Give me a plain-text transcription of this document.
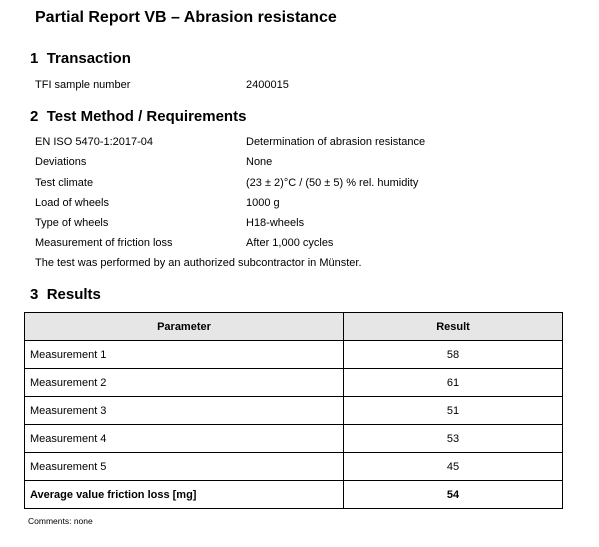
Partial Report VB – Abrasion resistance
1 Transaction
TFI sample number	2400015
2 Test Method / Requirements
EN ISO 5470-1:2017-04	Determination of abrasion resistance
Deviations	None
Test climate	(23 ± 2)°C / (50 ± 5) % rel. humidity
Load of wheels	1000 g
Type of wheels	H18-wheels
Measurement of friction loss	After 1,000 cycles
The test was performed by an authorized subcontractor in Münster.
3 Results
Parameter	Result
Measurement 1	58
Measurement 2	61
Measurement 3	51
Measurement 4	53
Measurement 5	45
Average value friction loss [mg]	54
Comments: none
